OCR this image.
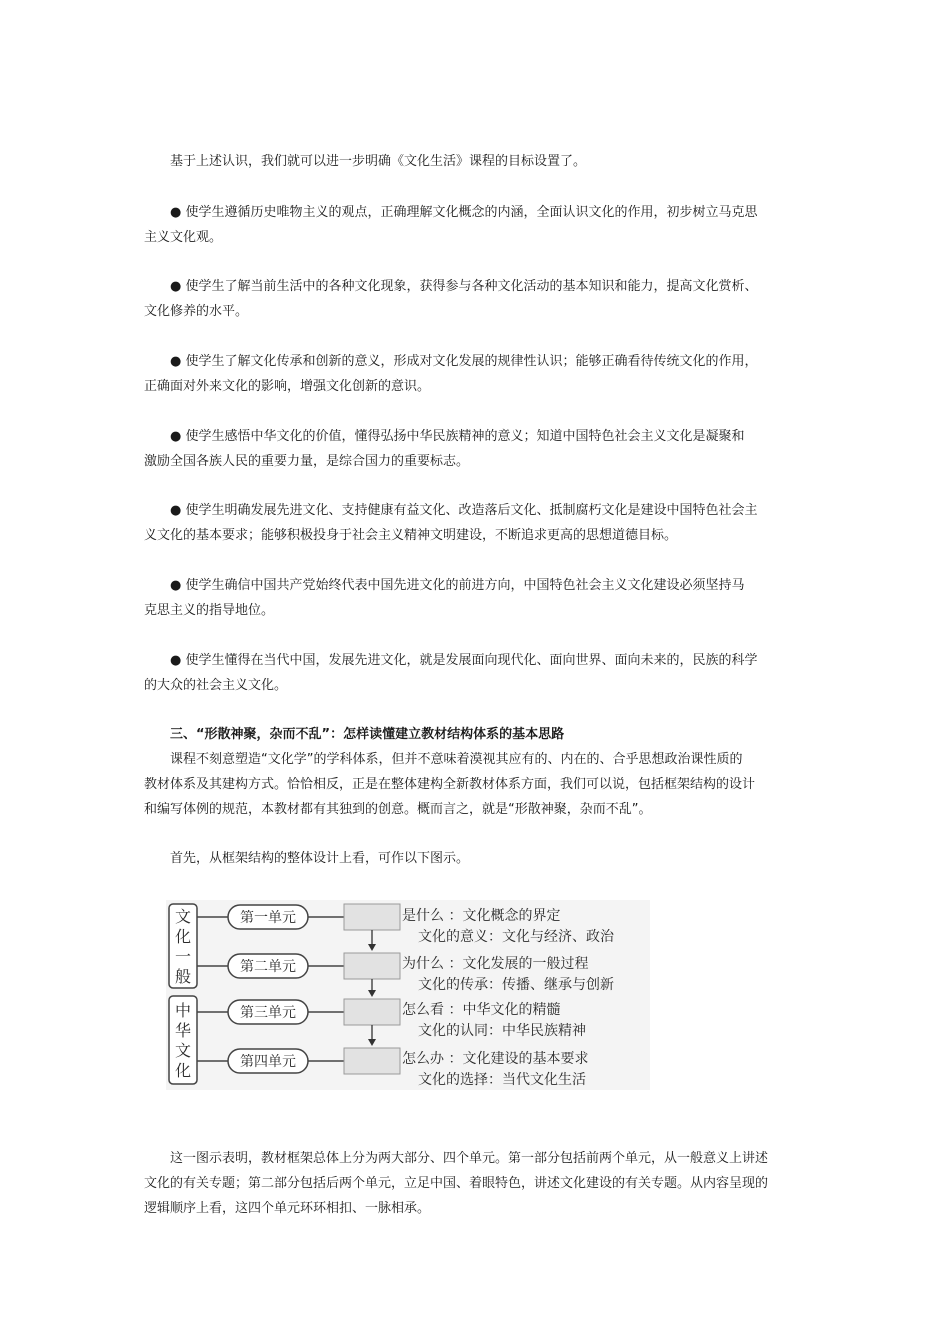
基于上述认识，我们就可以进一步明确《文化生活》课程的目标设置了。

● 使学生遵循历史唯物主义的观点，正确理解文化概念的内涵，全面认识文化的作用，初步树立马克思
主义文化观。
● 使学生了解当前生活中的各种文化现象，获得参与各种文化活动的基本知识和能力，提高文化赏析、
文化修养的水平。
● 使学生了解文化传承和创新的意义，形成对文化发展的规律性认识；能够正确看待传统文化的作用，
正确面对外来文化的影响，增强文化创新的意识。
● 使学生感悟中华文化的价值，懂得弘扬中华民族精神的意义；知道中国特色社会主义文化是凝聚和
激励全国各族人民的重要力量，是综合国力的重要标志。
● 使学生明确发展先进文化、支持健康有益文化、改造落后文化、抵制腐朽文化是建设中国特色社会主
义文化的基本要求；能够积极投身于社会主义精神文明建设，不断追求更高的思想道德目标。
● 使学生确信中国共产党始终代表中国先进文化的前进方向，中国特色社会主义文化建设必须坚持马
克思主义的指导地位。
● 使学生懂得在当代中国，发展先进文化，就是发展面向现代化、面向世界、面向未来的，民族的科学
的大众的社会主义文化。

三、“形散神聚，杂而不乱”：怎样读懂建立教材结构体系的基本思路

课程不刻意塑造“文化学”的学科体系，但并不意味着漠视其应有的、内在的、合乎思想政治课性质的
教材体系及其建构方式。恰恰相反，正是在整体建构全新教材体系方面，我们可以说，包括框架结构的设计
和编写体例的规范，本教材都有其独到的创意。概而言之，就是“形散神聚，杂而不乱”。

首先，从框架结构的整体设计上看，可作以下图示。

文
化
一
般
中
华
文
化
第一单元
第二单元
第三单元
第四单元
是什么 ：文化概念的界定
文化的意义：文化与经济、政治
为什么 ：文化发展的一般过程
文化的传承：传播、继承与创新
怎么看 ：中华文化的精髓
文化的认同：中华民族精神
怎么办 ：文化建设的基本要求
文化的选择：当代文化生活
这一图示表明，教材框架总体上分为两大部分、四个单元。第一部分包括前两个单元，从一般意义上讲述
文化的有关专题；第二部分包括后两个单元，立足中国、着眼特色，讲述文化建设的有关专题。从内容呈现的
逻辑顺序上看，这四个单元环环相扣、一脉相承。
